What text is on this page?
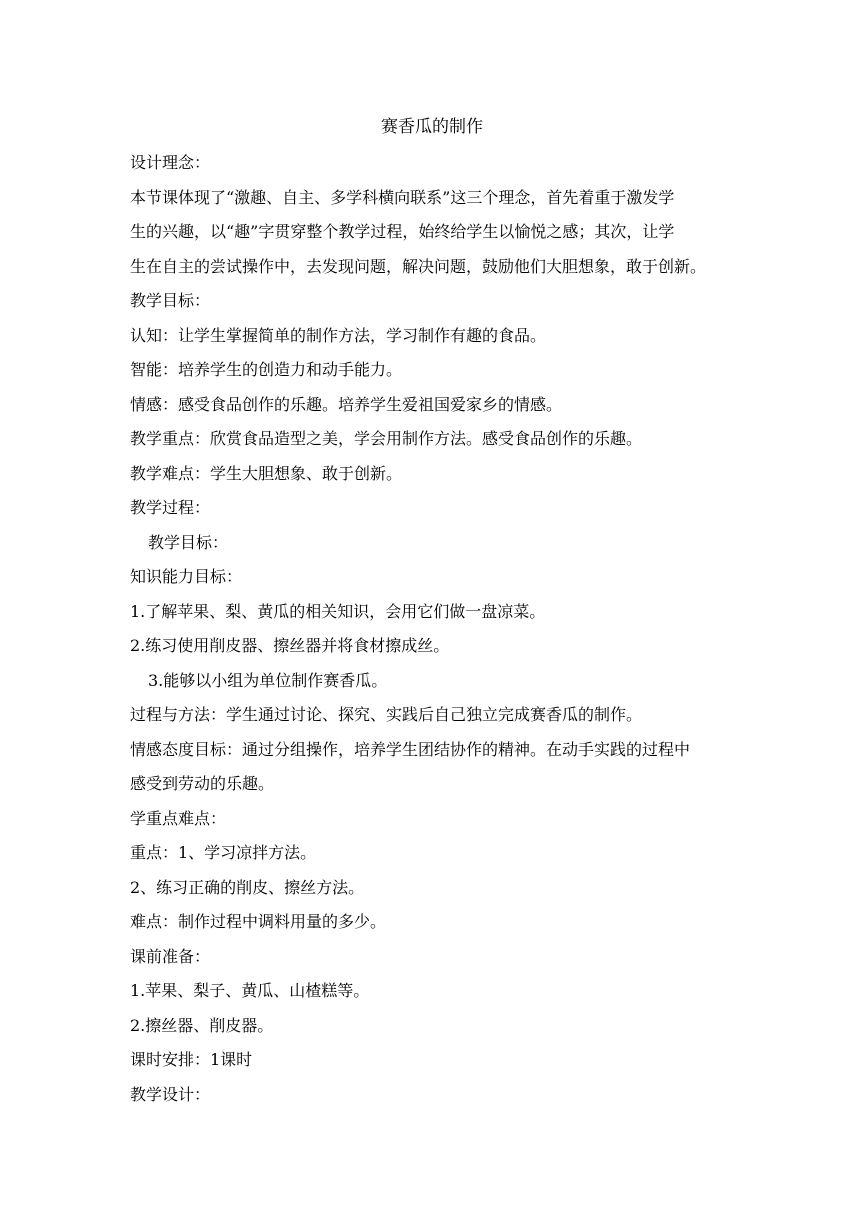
赛香瓜的制作

设计理念：

本节课体现了“激趣、自主、多学科横向联系”这三个理念，首先着重于激发学

生的兴趣，以“趣”字贯穿整个教学过程，始终给学生以愉悦之感；其次，让学

生在自主的尝试操作中，去发现问题，解决问题，鼓励他们大胆想象，敢于创新。

教学目标：

认知：让学生掌握简单的制作方法，学习制作有趣的食品。

智能：培养学生的创造力和动手能力。

情感：感受食品创作的乐趣。培养学生爱祖国爱家乡的情感。

教学重点：欣赏食品造型之美，学会用制作方法。感受食品创作的乐趣。

教学难点：学生大胆想象、敢于创新。

教学过程：

教学目标：

知识能力目标：

1.了解苹果、梨、黄瓜的相关知识，会用它们做一盘凉菜。

2.练习使用削皮器、擦丝器并将食材擦成丝。

3.能够以小组为单位制作赛香瓜。

过程与方法：学生通过讨论、探究、实践后自己独立完成赛香瓜的制作。

情感态度目标：通过分组操作，培养学生团结协作的精神。在动手实践的过程中

感受到劳动的乐趣。

学重点难点：

重点：1、学习凉拌方法。

2、练习正确的削皮、擦丝方法。

难点：制作过程中调料用量的多少。

课前准备：

1.苹果、梨子、黄瓜、山楂糕等。

2.擦丝器、削皮器。

课时安排：1课时

教学设计：
